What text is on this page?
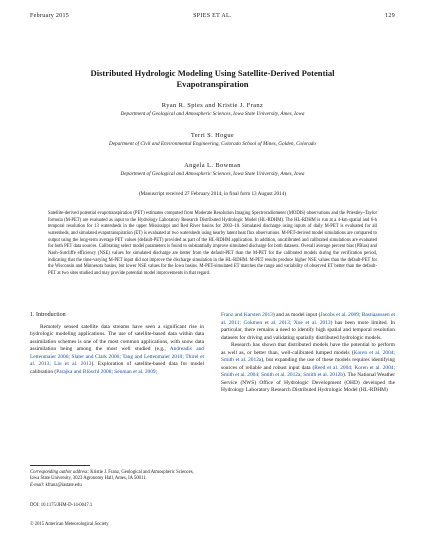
February 2015	SPIES ET AL.	129
Distributed Hydrologic Modeling Using Satellite-Derived Potential
Evapotranspiration
Ryan R. Spies and Kristie J. Franz
Department of Geological and Atmospheric Sciences, Iowa State University, Ames, Iowa
Terri S. Hogue
Department of Civil and Environmental Engineering, Colorado School of Mines, Golden, Colorado
Angela L. Bowman
Department of Geological and Atmospheric Sciences, Iowa State University, Ames, Iowa
(Manuscript received 27 February 2014, in final form 13 August 2014)
Satellite-derived potential evapotranspiration (PET) estimates computed from Moderate Resolution Imaging Spectroradiometer (MODIS) observations and the Priestley–Taylor formula (M-PET) are evaluated as input to the Hydrology Laboratory Research Distributed Hydrologic Model (HL-RDHM). The HL-RDHM is run at a 4-km spatial and 6-h temporal resolution for 13 watersheds in the upper Mississippi and Red River basins for 2003–10. Simulated discharge using inputs of daily M-PET is evaluated for all watersheds, and simulated evapotranspiration (ET) is evaluated at two watersheds using nearby latent heat flux observations. M-PET-derived model simulations are compared to output using the long-term average PET values (default-PET) provided as part of the HL-RDHM application. In addition, uncalibrated and calibrated simulations are evaluated for both PET data sources. Calibrating select model parameters is found to substantially improve simulated discharge for both datasets. Overall average percent bias (PBias) and Nash–Sutcliffe efficiency (NSE) values for simulated discharge are better from the default-PET than the M-PET for the calibrated models during the verification period, indicating that the time-varying M-PET input did not improve the discharge simulation in the HL-RDHM. M-PET results produce higher NSE values than the default-PET for the Wisconsin and Minnesota basins, but lower NSE values for the Iowa basins. M-PET-simulated ET matches the range and variability of observed ET better than the default-PET at two sites studied and may provide potential model improvements in that regard.
1. Introduction

Remotely sensed satellite data streams have seen a significant rise in hydrologic modeling applications. The use of satellite-based data within data assimilation schemes is one of the most common applications, with snow data assimilation being among the most well studied (e.g., Andreadis and Lettenmaier 2006; Slater and Clark 2006; Tang and Lettenmaier 2010; Thirel et al. 2013; Liu et al. 2013). Exploration of satellite-based data for model calibration (Parajka and Blöschl 2008; Senman et al. 2009;

Franz and Karsten 2013) and as model input (Jacobs et al. 2009; Bastiaanssen et al. 2011; Gokmen et al. 2013; Xue et al. 2013) has been more limited. In particular, there remains a need to identify high spatial and temporal resolution datasets for driving and validating spatially distributed hydrologic models.

Research has shown that distributed models have the potential to perform as well as, or better than, well-calibrated lumped models (Koren et al. 2004; Smith et al. 2012a), but expanding the use of these models requires identifying sources of reliable and robust input data (Reed et al. 2004; Koren et al. 2004; Smith et al. 2004; Smith et al. 2012a; Smith et al. 2012b). The National Weather Service (NWS) Office of Hydrologic Development (OHD) developed the Hydrology Laboratory Research Distributed Hydrologic Model (HL-RDHM)

Corresponding author address: Kristie J. Franz, Geological and Atmospheric Sciences, Iowa State University, 3023 Agronomy Hall, Ames, IA 50011.
E-mail: kfranz@iastate.edu
DOI: 10.1175/JHM-D-14-0047.1
© 2015 American Meteorological Society
